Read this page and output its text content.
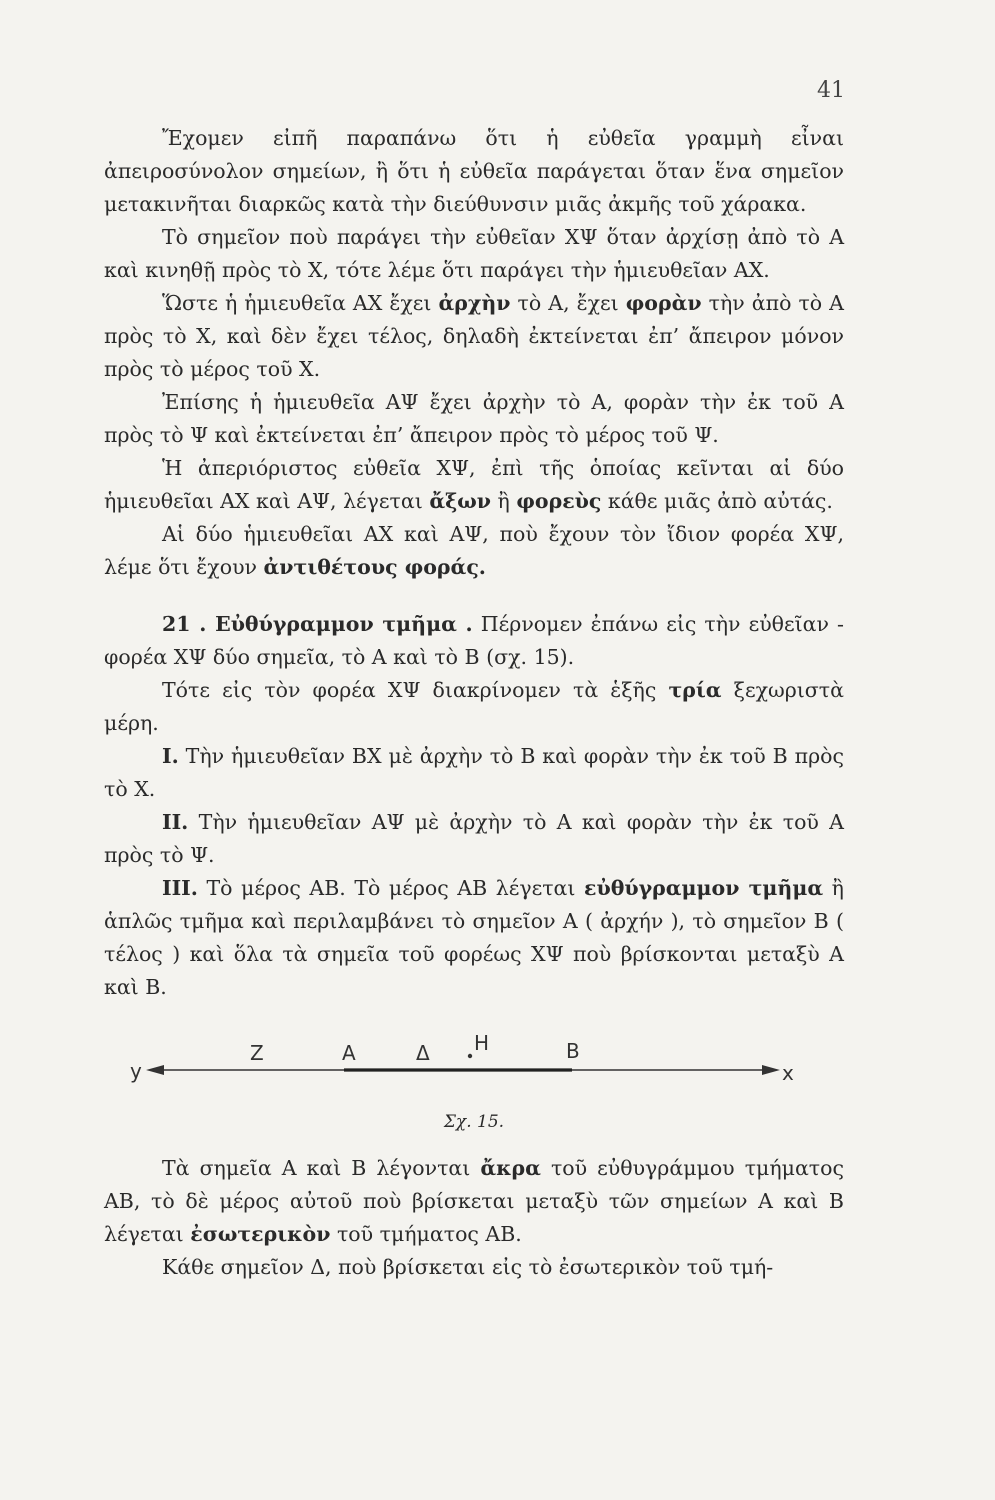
41

Ἔχομεν εἰπῆ παραπάνω ὅτι ἡ εὐθεῖα γραμμὴ εἶναι ἀπειροσύνολον σημείων, ἢ ὅτι ἡ εὐθεῖα παράγεται ὅταν ἕνα σημεῖον μετακινῆται διαρκῶς κατὰ τὴν διεύθυνσιν μιᾶς ἀκμῆς τοῦ χάρακα.

Τὸ σημεῖον ποὺ παράγει τὴν εὐθεῖαν ΧΨ ὅταν ἀρχίσῃ ἀπὸ τὸ Α καὶ κινηθῇ πρὸς τὸ Χ, τότε λέμε ὅτι παράγει τὴν ἡμιευθεῖαν ΑΧ.

Ὥστε ἡ ἡμιευθεῖα ΑΧ ἔχει ἀρχὴν τὸ Α, ἔχει φορὰν τὴν ἀπὸ τὸ Α πρὸς τὸ Χ, καὶ δὲν ἔχει τέλος, δηλαδὴ ἐκτείνεται ἐπ’ ἄπειρον μόνον πρὸς τὸ μέρος τοῦ Χ.

Ἐπίσης ἡ ἡμιευθεῖα ΑΨ ἔχει ἀρχὴν τὸ Α, φορὰν τὴν ἐκ τοῦ Α πρὸς τὸ Ψ καὶ ἐκτείνεται ἐπ’ ἄπειρον πρὸς τὸ μέρος τοῦ Ψ.

Ἡ ἀπεριόριστος εὐθεῖα ΧΨ, ἐπὶ τῆς ὁποίας κεῖνται αἱ δύο ἡμιευθεῖαι ΑΧ καὶ ΑΨ, λέγεται ἄξων ἢ φορεὺς κάθε μιᾶς ἀπὸ αὐτάς.

Αἱ δύο ἡμιευθεῖαι ΑΧ καὶ ΑΨ, ποὺ ἔχουν τὸν ἴδιον φορέα ΧΨ, λέμε ὅτι ἔχουν ἀντιθέτους φοράς.

21 . Εὐθύγραμμον τμῆμα . Πέρνομεν ἐπάνω εἰς τὴν εὐθεῖαν - φορέα ΧΨ δύο σημεῖα, τὸ Α καὶ τὸ Β (σχ. 15).

Τότε εἰς τὸν φορέα ΧΨ διακρίνομεν τὰ ἑξῆς τρία ξεχωριστὰ μέρη.

Ι. Τὴν ἡμιευθεῖαν ΒΧ μὲ ἀρχὴν τὸ Β καὶ φορὰν τὴν ἐκ τοῦ Β πρὸς τὸ Χ.

ΙΙ. Τὴν ἡμιευθεῖαν ΑΨ μὲ ἀρχὴν τὸ Α καὶ φορὰν τὴν ἐκ τοῦ Α πρὸς τὸ Ψ.

ΙΙΙ. Τὸ μέρος ΑΒ. Τὸ μέρος ΑΒ λέγεται εὐθύγραμμον τμῆμα ἢ ἁπλῶς τμῆμα καὶ περιλαμβάνει τὸ σημεῖον Α ( ἀρχήν ), τὸ σημεῖον Β ( τέλος ) καὶ ὅλα τὰ σημεῖα τοῦ φορέως ΧΨ ποὺ βρίσκονται μεταξὺ Α καὶ Β.

y	x
Z	A	Δ H	B
Σχ. 15.

Τὰ σημεῖα Α καὶ Β λέγονται ἄκρα τοῦ εὐθυγράμμου τμήματος ΑΒ, τὸ δὲ μέρος αὐτοῦ ποὺ βρίσκεται μεταξὺ τῶν σημείων Α καὶ Β λέγεται ἐσωτερικὸν τοῦ τμήματος ΑΒ.

Κάθε σημεῖον Δ, ποὺ βρίσκεται εἰς τὸ ἐσωτερικὸν τοῦ τμή-
